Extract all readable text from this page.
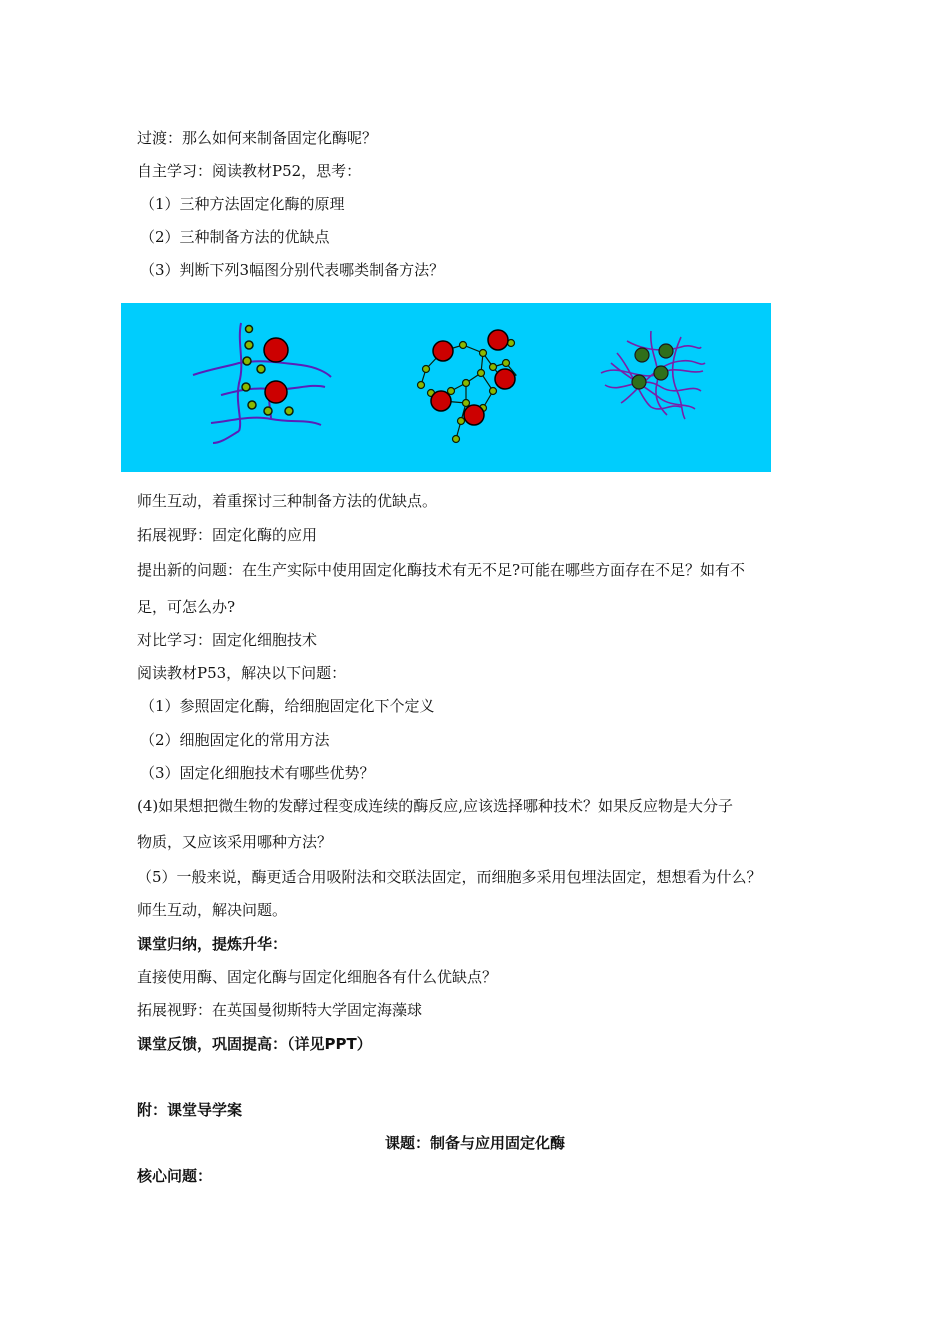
过渡：那么如何来制备固定化酶呢？
自主学习：阅读教材P52，思考：
（1）三种方法固定化酶的原理
（2）三种制备方法的优缺点
（3）判断下列3幅图分别代表哪类制备方法？
师生互动，着重探讨三种制备方法的优缺点。
拓展视野：固定化酶的应用
提出新的问题：在生产实际中使用固定化酶技术有无不足?可能在哪些方面存在不足？如有不
足，可怎么办?
对比学习：固定化细胞技术
阅读教材P53，解决以下问题：
（1）参照固定化酶，给细胞固定化下个定义
（2）细胞固定化的常用方法
（3）固定化细胞技术有哪些优势？
(4)如果想把微生物的发酵过程变成连续的酶反应,应该选择哪种技术？如果反应物是大分子
物质，又应该采用哪种方法？
（5）一般来说，酶更适合用吸附法和交联法固定，而细胞多采用包埋法固定，想想看为什么？
师生互动，解决问题。
课堂归纳，提炼升华：
直接使用酶、固定化酶与固定化细胞各有什么优缺点？
拓展视野：在英国曼彻斯特大学固定海藻球
课堂反馈，巩固提高：（详见PPT）
附：课堂导学案
课题：制备与应用固定化酶
核心问题：
